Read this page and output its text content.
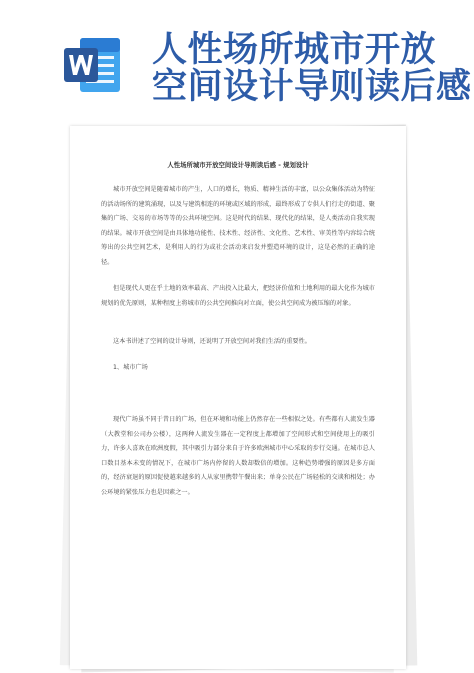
人性场所城市开放
空间设计导则读后感
人性场所城市开放空间设计导则读后感 - 规划设计

城市开放空间是随着城市的产生，人口的增长，物质、精神生活的丰富，以公众集体活动为特征的活动场所的建筑涌现，以及与建筑相连的环境或区域的形成，最终形成了专供人们行走的街道、聚集的广场、交易的市场等等的公共环境空间。这是时代的结果、现代化的结果，是人类活动自我实现的结果。城市开放空间是由具体地功能性、技术性、经济性、文化性、艺术性、审美性等内容综合统筹出的公共空间艺术，是利用人的行为或社会活动来启发并塑造环境的设计，这是必然的正确的途径。

但是现代人更在乎土地的效率最高、产出投入比最大，把经济价值和土地利用的最大化作为城市规划的优先原则，某种程度上将城市的公共空间推向对立面，使公共空间成为被压缩的对象。

这本书讲述了空间的设计导则，还说明了开放空间对我们生活的重要性。

1、城市广场

现代广场虽不同于昔日的广场，但在环境和功能上仍然存在一些相似之处。有些都有人流发生器（大教堂和公司办公楼），这两种人流发生器在一定程度上都增加了空间形式和空间使用上的吸引力，许多人喜欢在欧洲度假，其中吸引力部分来自于许多欧洲城市中心采取的步行交通。在城市总人口数目基本未变的情况下，在城市广场内停留的人数却数倍的增加。这种趋势增强的原因是多方面的，经济衰退的原因促使越来越多的人从家里携带午餐出来；单身公民在广场轻松的交谈和相处；办公环境的紧张压力也是因素之一。
